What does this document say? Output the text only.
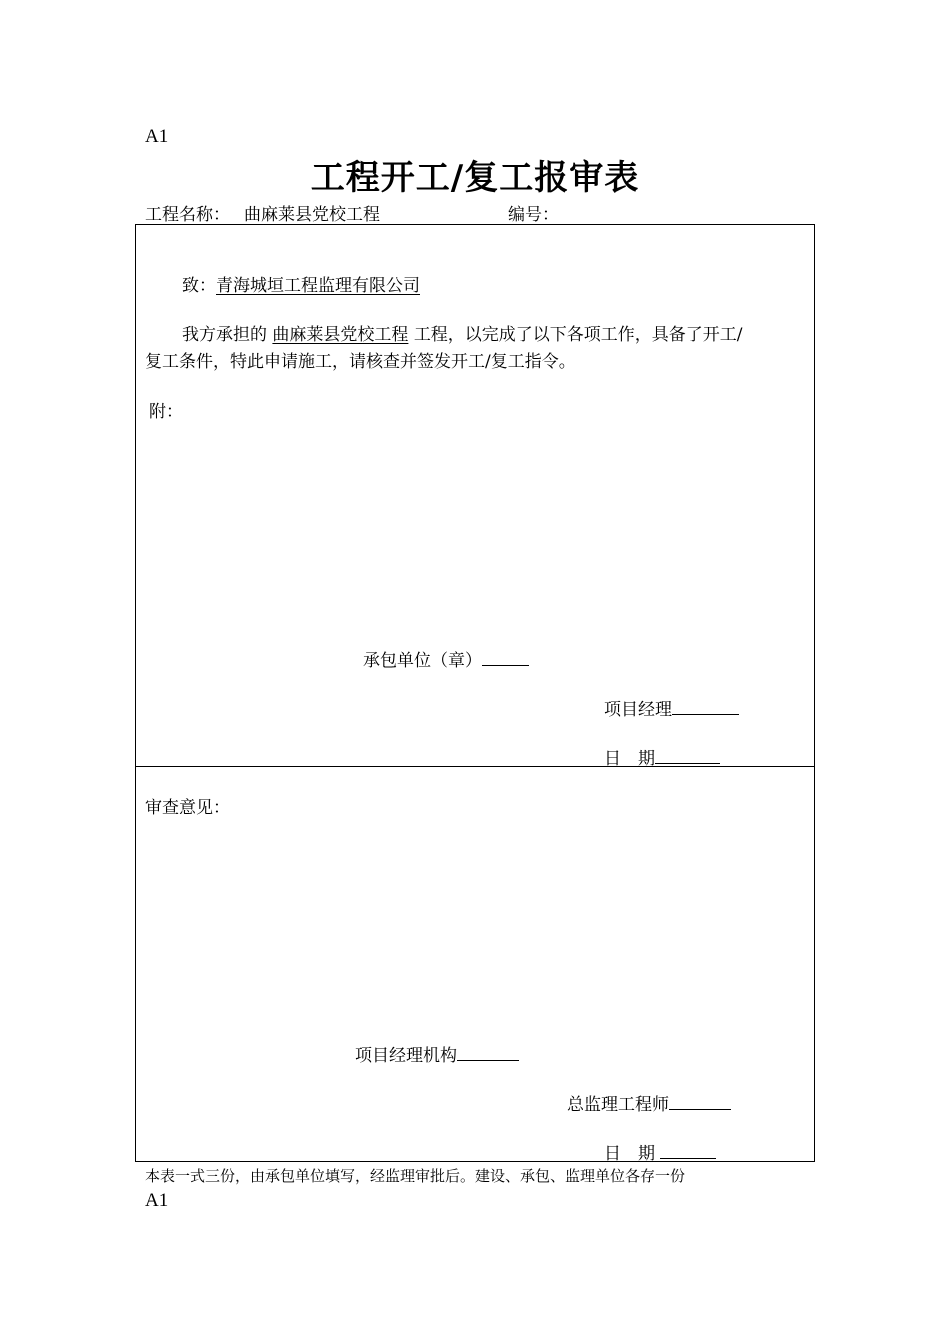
A1
工程开工/复工报审表
工程名称： 曲麻莱县党校工程	编号：
致：青海城垣工程监理有限公司
我方承担的 曲麻莱县党校工程 工程，以完成了以下各项工作，具备了开工/
复工条件，特此申请施工，请核查并签发开工/复工指令。
附：
承包单位（章）
项目经理
日　期
审查意见：
项目经理机构
总监理工程师
日　期
本表一式三份，由承包单位填写，经监理审批后。建设、承包、监理单位各存一份
A1
